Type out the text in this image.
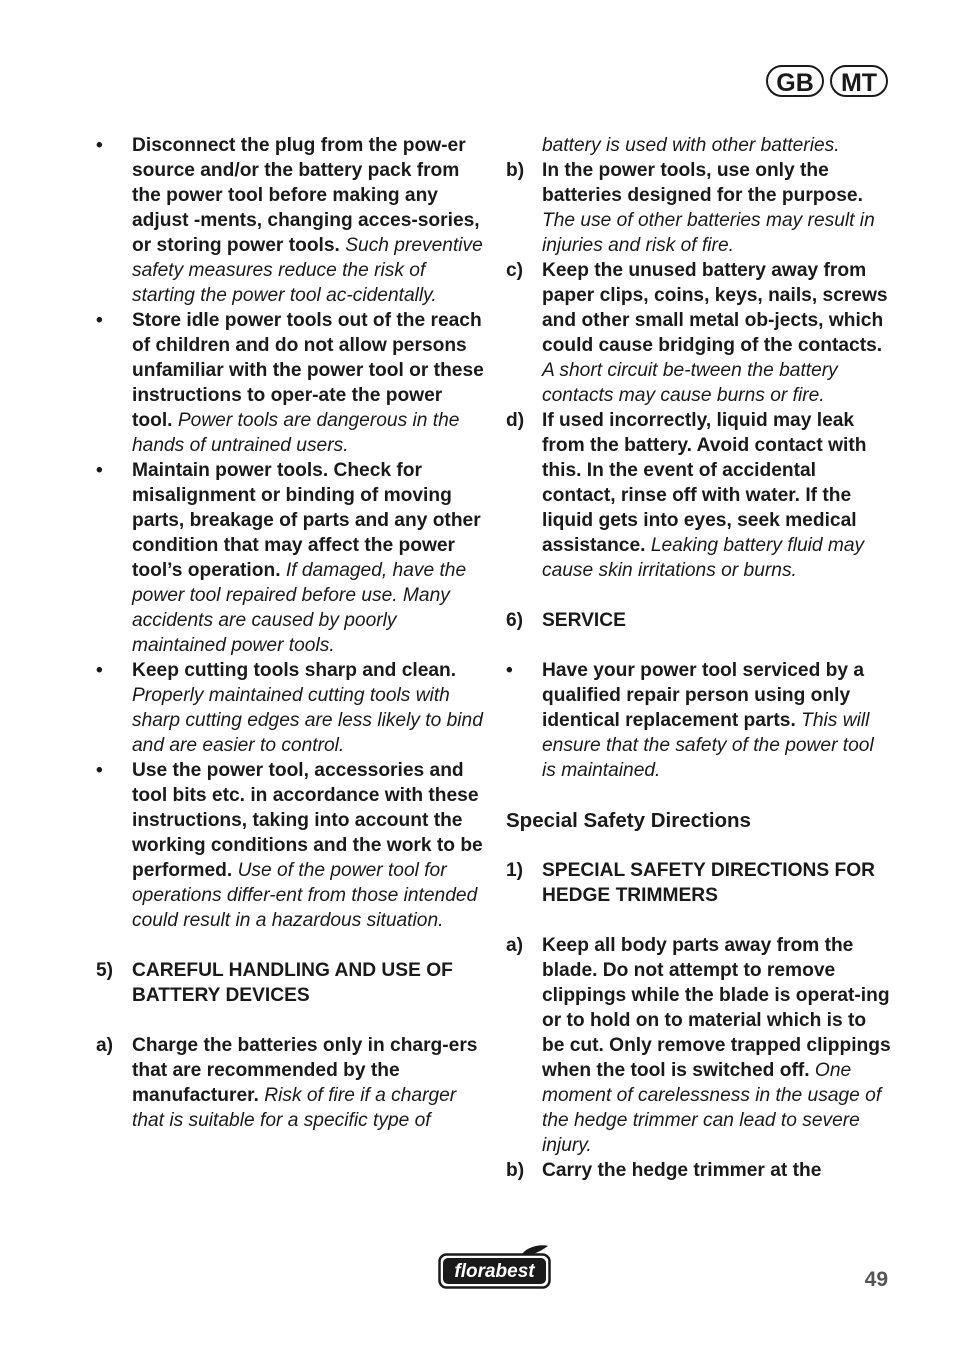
GB	MT
• Disconnect the plug from the pow-er source and/or the battery pack from the power tool before making any adjust -ments, changing acces-sories, or storing power tools. Such preventive safety measures reduce the risk of starting the power tool ac-cidentally.
• Store idle power tools out of the reach of children and do not allow persons unfamiliar with the power tool or these instructions to oper-ate the power tool. Power tools are dangerous in the hands of untrained users.
• Maintain power tools. Check for misalignment or binding of moving parts, breakage of parts and any other condition that may affect the power tool’s operation. If damaged, have the power tool repaired before use. Many accidents are caused by poorly maintained power tools.
• Keep cutting tools sharp and clean. Properly maintained cutting tools with sharp cutting edges are less likely to bind and are easier to control.
• Use the power tool, accessories and tool bits etc. in accordance with these instructions, taking into account the working conditions and the work to be performed. Use of the power tool for operations differ-ent from those intended could result in a hazardous situation.
5) CAREFUL HANDLING AND USE OF BATTERY DEVICES
a) Charge the batteries only in charg-ers that are recommended by the manufacturer. Risk of fire if a charger that is suitable for a specific type of
battery is used with other batteries.
b) In the power tools, use only the batteries designed for the purpose. The use of other batteries may result in injuries and risk of fire.
c) Keep the unused battery away from paper clips, coins, keys, nails, screws and other small metal ob-jects, which could cause bridging of the contacts. A short circuit be-tween the battery contacts may cause burns or fire.
d) If used incorrectly, liquid may leak from the battery. Avoid contact with this. In the event of accidental contact, rinse off with water. If the liquid gets into eyes, seek medical assistance. Leaking battery fluid may cause skin irritations or burns.
6) SERVICE
• Have your power tool serviced by a qualified repair person using only identical replacement parts. This will ensure that the safety of the power tool is maintained.
Special Safety Directions
1) SPECIAL SAFETY DIRECTIONS FOR HEDGE TRIMMERS
a) Keep all body parts away from the blade. Do not attempt to remove clippings while the blade is operat-ing or to hold on to material which is to be cut. Only remove trapped clippings when the tool is switched off. One moment of carelessness in the usage of the hedge trimmer can lead to severe injury.
b) Carry the hedge trimmer at the
florabest	49
